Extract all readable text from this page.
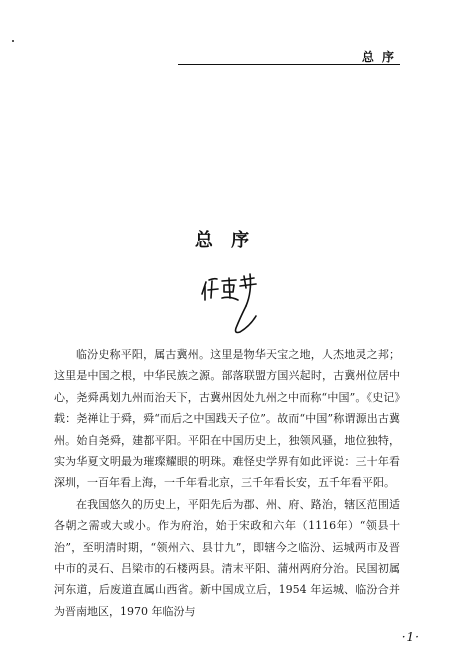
总 序
总 序

临汾史称平阳，属古冀州。这里是物华天宝之地，人杰地灵之邦；这里是中国之根，中华民族之源。部落联盟方国兴起时，古冀州位居中心，尧舜禹划九州而治天下，古冀州因处九州之中而称“中国”。《史记》载：尧禅让于舜，舜“而后之中国践天子位”。故而“中国”称谓源出古冀州。始自尧舜，建都平阳。平阳在中国历史上，独领风骚，地位独特，实为华夏文明最为璀璨耀眼的明珠。难怪史学界有如此评说：三十年看深圳，一百年看上海，一千年看北京，三千年看长安，五千年看平阳。

在我国悠久的历史上，平阳先后为郡、州、府、路治，辖区范围适各朝之需或大或小。作为府治，始于宋政和六年（1116年）“领县十治”，至明清时期，“领州六、县廿九”，即辖今之临汾、运城两市及晋中市的灵石、吕梁市的石楼两县。清末平阳、蒲州两府分治。民国初属河东道，后废道直属山西省。新中国成立后，1954 年运城、临汾合并为晋南地区，1970 年临汾与

·1·
